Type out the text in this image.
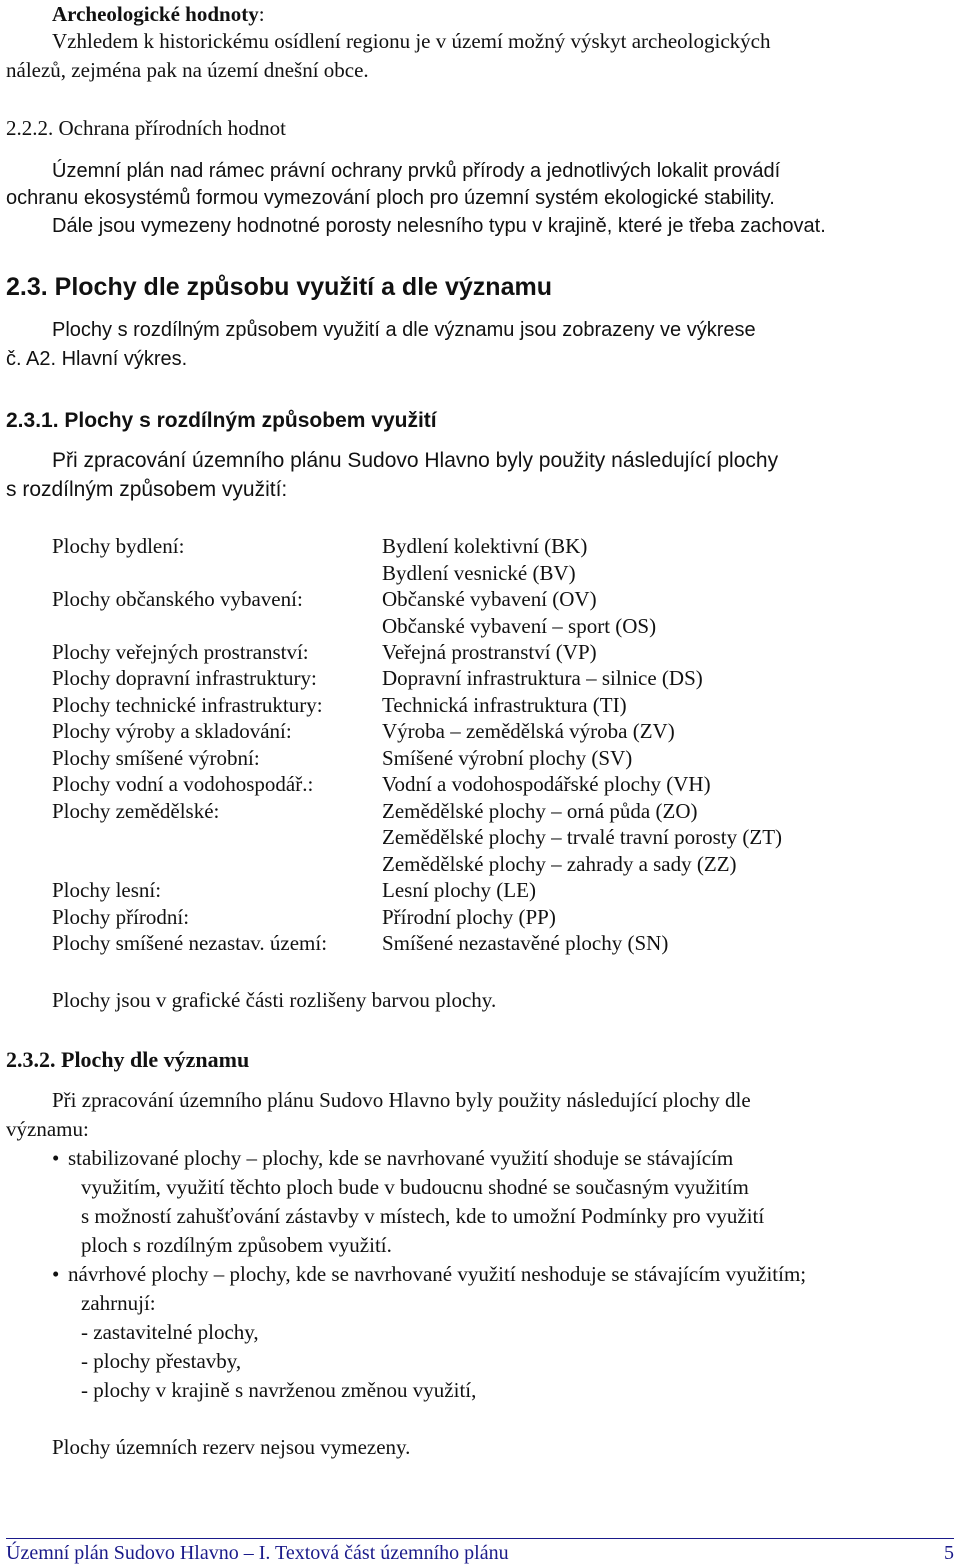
Archeologické hodnoty:
Vzhledem k historickému osídlení regionu je v území možný výskyt archeologických
nálezů, zejména pak na území dnešní obce.
2.2.2. Ochrana přírodních hodnot
Územní plán nad rámec právní ochrany prvků přírody a jednotlivých lokalit provádí
ochranu ekosystémů formou vymezování ploch pro územní systém ekologické stability.
Dále jsou vymezeny hodnotné porosty nelesního typu v krajině, které je třeba zachovat.
2.3. Plochy dle způsobu využití a dle významu
Plochy s rozdílným způsobem využití a dle významu jsou zobrazeny ve výkrese
č. A2. Hlavní výkres.
2.3.1. Plochy s rozdílným způsobem využití
Při zpracování územního plánu Sudovo Hlavno byly použity následující plochy
s rozdílným způsobem využití:
Plochy bydlení:	Bydlení kolektivní (BK)
Bydlení vesnické (BV)
Plochy občanského vybavení:	Občanské vybavení (OV)
Občanské vybavení – sport (OS)
Plochy veřejných prostranství:	Veřejná prostranství (VP)
Plochy dopravní infrastruktury:	Dopravní infrastruktura – silnice (DS)
Plochy technické infrastruktury:	Technická infrastruktura (TI)
Plochy výroby a skladování:	Výroba – zemědělská výroba (ZV)
Plochy smíšené výrobní:	Smíšené výrobní plochy (SV)
Plochy vodní a vodohospodář.:	Vodní a vodohospodářské plochy (VH)
Plochy zemědělské:	Zemědělské plochy – orná půda (ZO)
Zemědělské plochy – trvalé travní porosty (ZT)
Zemědělské plochy – zahrady a sady (ZZ)
Plochy lesní:	Lesní plochy (LE)
Plochy přírodní:	Přírodní plochy (PP)
Plochy smíšené nezastav. území:	Smíšené nezastavěné plochy (SN)
Plochy jsou v grafické části rozlišeny barvou plochy.
2.3.2. Plochy dle významu
Při zpracování územního plánu Sudovo Hlavno byly použity následující plochy dle
významu:
• stabilizované plochy – plochy, kde se navrhované využití shoduje se stávajícím
využitím, využití těchto ploch bude v budoucnu shodné se současným využitím
s možností zahušťování zástavby v místech, kde to umožní Podmínky pro využití
ploch s rozdílným způsobem využití.
• návrhové plochy – plochy, kde se navrhované využití neshoduje se stávajícím využitím;
zahrnují:
- zastavitelné plochy,
- plochy přestavby,
- plochy v krajině s navrženou změnou využití,
Plochy územních rezerv nejsou vymezeny.
Územní plán Sudovo Hlavno – I. Textová část územního plánu	5
